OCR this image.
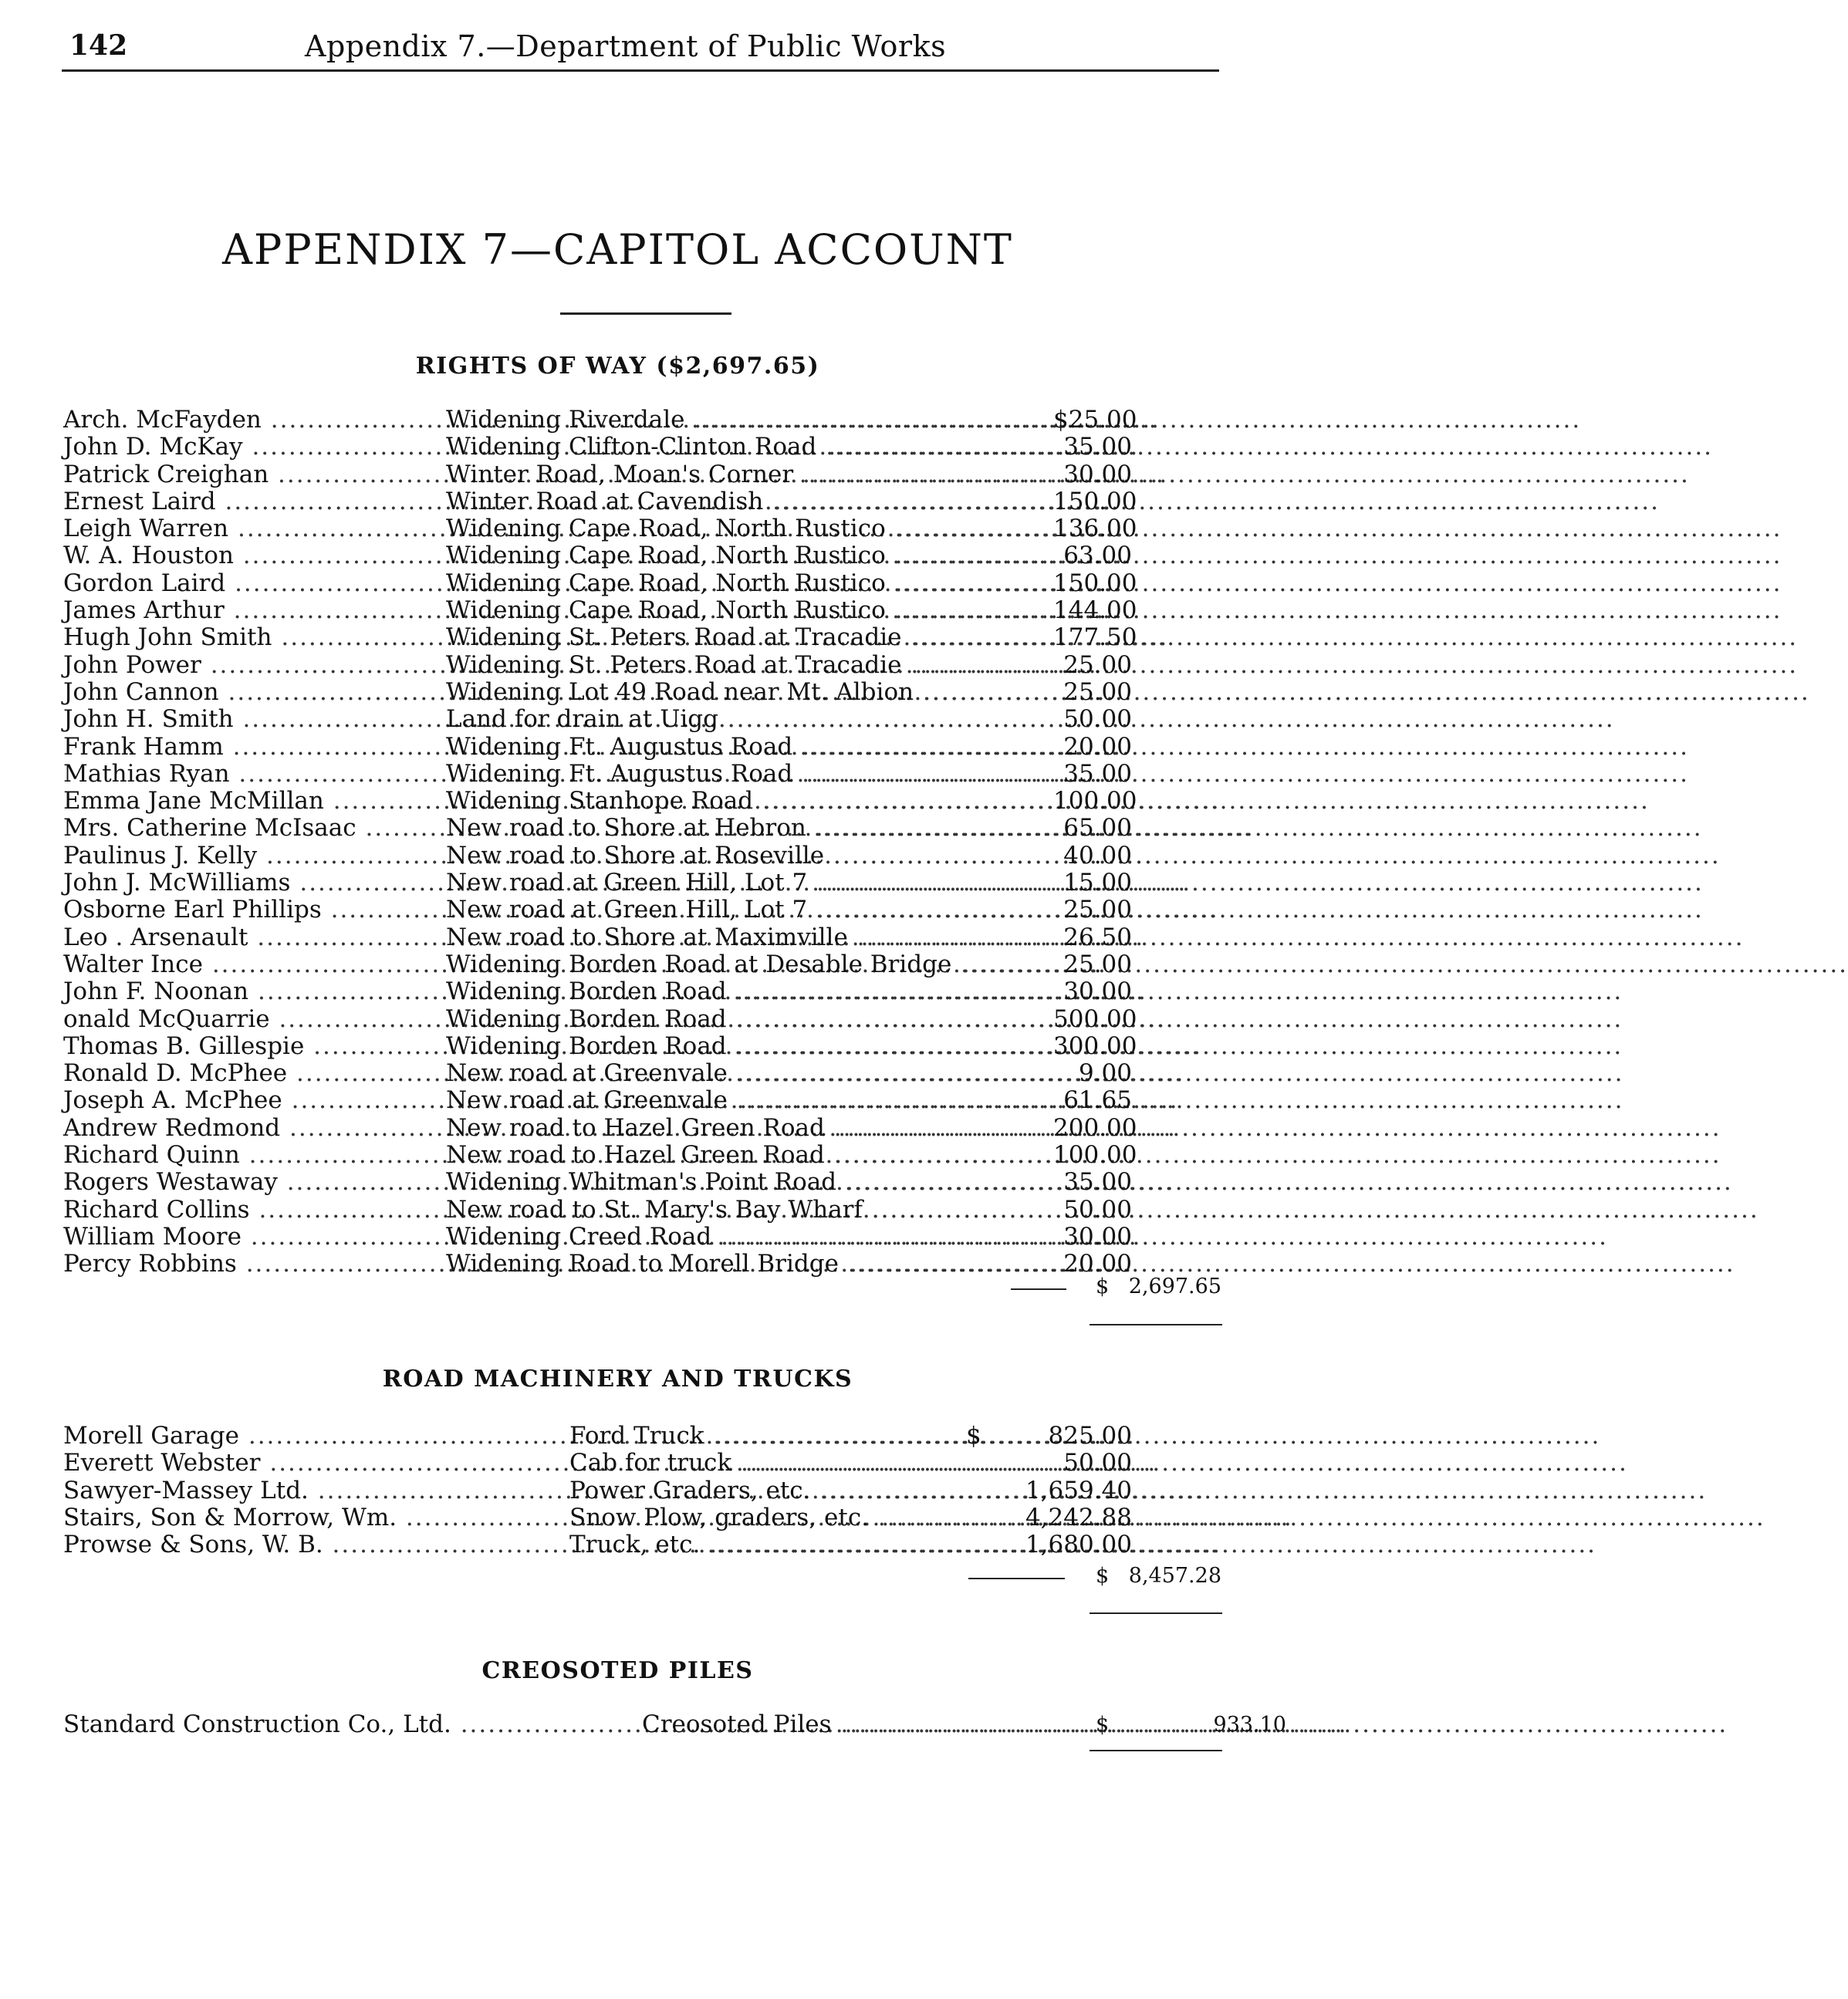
142	Appendix 7.—Department of Public Works
APPENDIX 7—CAPITOL ACCOUNT
RIGHTS OF WAY ($2,697.65)
Arch. McFayden .....	Widening Riverdale .....	$25.00
John D. McKay .....	Widening Clifton-Clinton Road .....	35.00
Patrick Creighan .....	Winter Road, Moan's Corner .....	30.00
Ernest Laird .....	Winter Road at Cavendish .....	150.00
Leigh Warren .....	Widening Cape Road, North Rustico .....	136.00
W. A. Houston .....	Widening Cape Road, North Rustico .....	63.00
Gordon Laird .....	Widening Cape Road, North Rustico .....	150.00
James Arthur .....	Widening Cape Road, North Rustico .....	144.00
Hugh John Smith .....	Widening St. Peters Road at Tracadie .....	177.50
John Power .....	Widening St. Peters Road at Tracadie .....	25.00
John Cannon .....	Widening Lot 49 Road near Mt. Albion .....	25.00
John H. Smith .....	Land for drain at Uigg .....	50.00
Frank Hamm .....	Widening Ft. Augustus Road .....	20.00
Mathias Ryan .....	Widening Ft. Augustus Road .....	35.00
Emma Jane McMillan .....	Widening Stanhope Road .....	100.00
Mrs. Catherine McIsaac .....	New road to Shore at Hebron .....	65.00
Paulinus J. Kelly .....	New road to Shore at Roseville .....	40.00
John J. McWilliams .....	New road at Green Hill, Lot 7 .....	15.00
Osborne Earl Phillips .....	New road at Green Hill, Lot 7 .....	25.00
Leo . Arsenault .....	New road to Shore at Maximville .....	26.50
Walter Ince .....	Widening Borden Road at Desable Bridge .....	25.00
John F. Noonan .....	Widening Borden Road .....	30.00
onald McQuarrie .....	Widening Borden Road .....	500.00
Thomas B. Gillespie .....	Widening Borden Road .....	300.00
Ronald D. McPhee .....	New road at Greenvale .....	9.00
Joseph A. McPhee .....	New road at Greenvale .....	61.65
Andrew Redmond .....	New road to Hazel Green Road .....	200.00
Richard Quinn .....	New road to Hazel Green Road .....	100.00
Rogers Westaway .....	Widening Whitman's Point Road .....	35.00
Richard Collins .....	New road to St. Mary's Bay Wharf .....	50.00
William Moore .....	Widening Creed Road .....	30.00
Percy Robbins .....	Widening Road to Morell Bridge .....	20.00
$ 2,697.65
ROAD MACHINERY AND TRUCKS
Morell Garage .....	Ford Truck .....	$	825.00
Everett Webster .....	Cab for truck .....	50.00
Sawyer-Massey Ltd. .....	Power Graders, etc. .....	1,659.40
Stairs, Son & Morrow, Wm. .....	Snow Plow, graders, etc. .....	4,242.88
Prowse & Sons, W. B. .....	Truck, etc. .....	1,680.00
$ 8,457.28
CREOSOTED PILES
Standard Construction Co., Ltd. .....	Creosoted Piles .....	$	933.10
